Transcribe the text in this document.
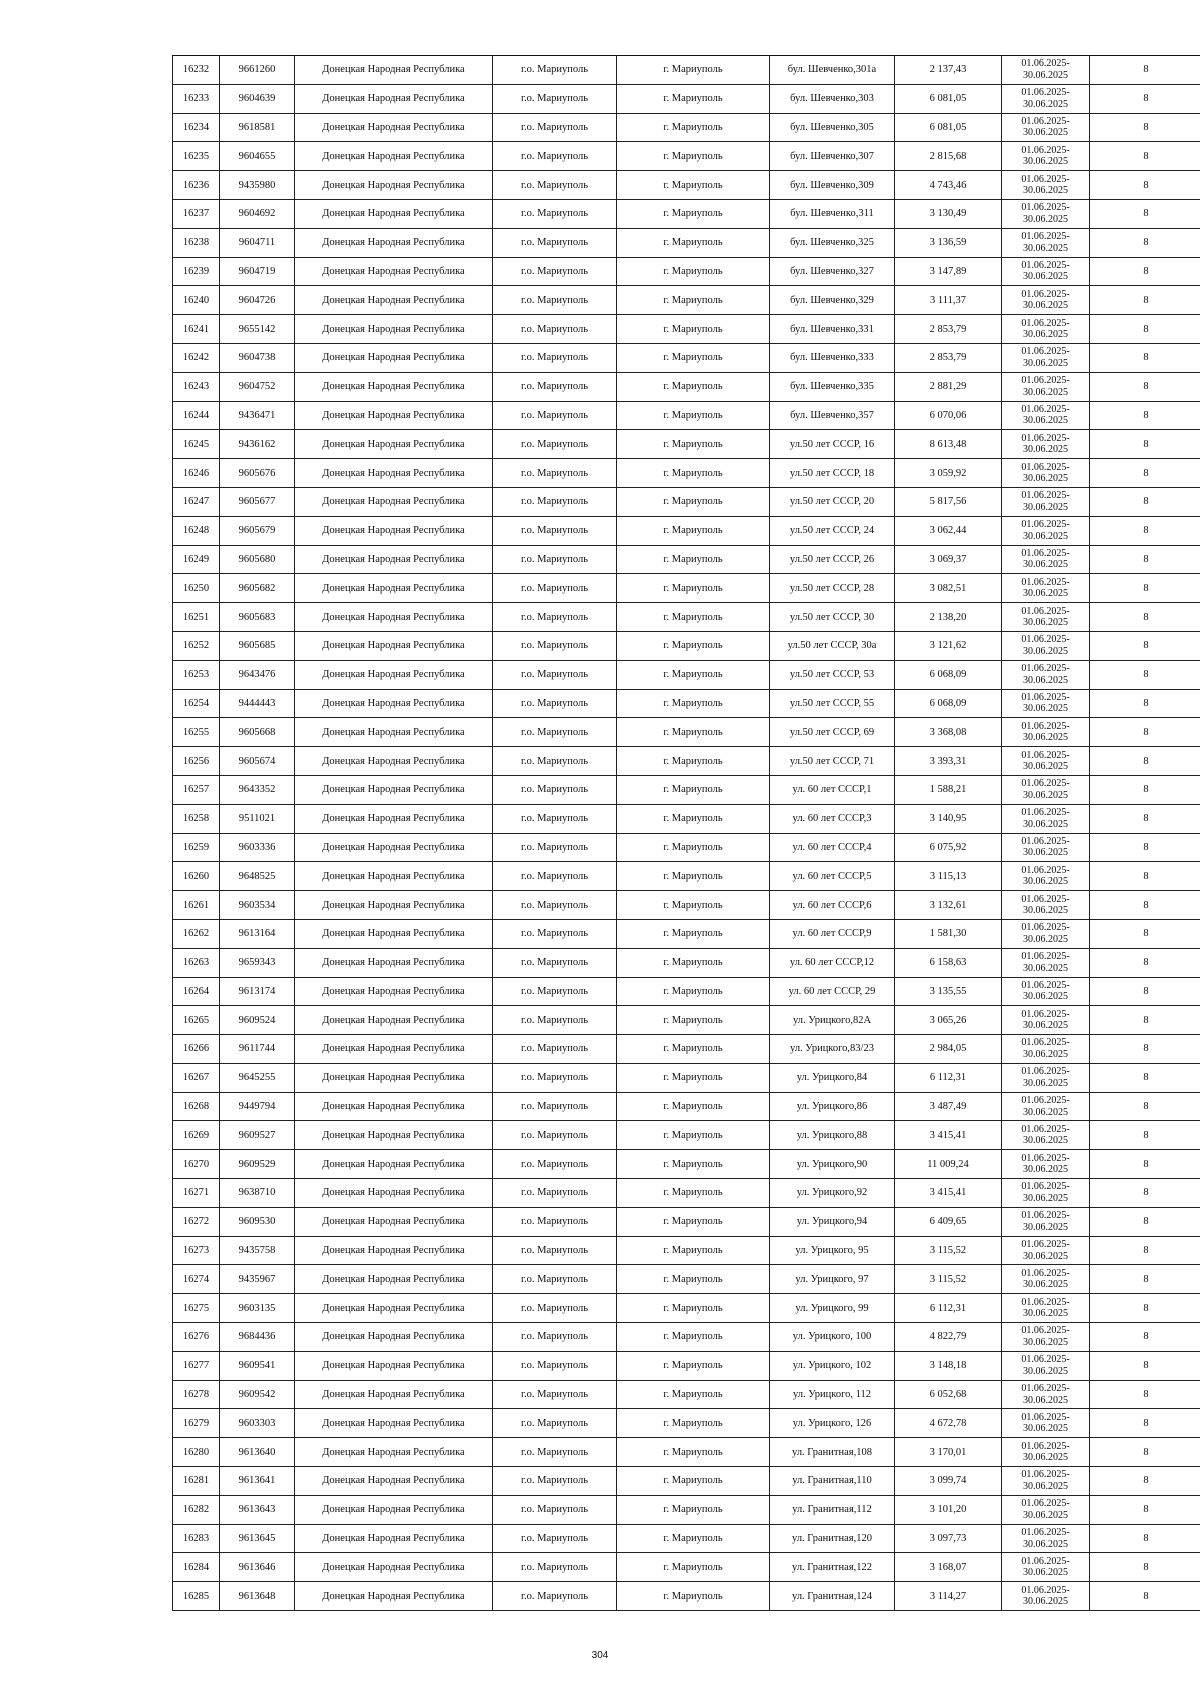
16232	9661260	Донецкая Народная Республика	г.о. Мариуполь	г. Мариуполь	бул. Шевченко,301а	2 137,43	01.06.2025-
30.06.2025	8
16233	9604639	Донецкая Народная Республика	г.о. Мариуполь	г. Мариуполь	бул. Шевченко,303	6 081,05	01.06.2025-
30.06.2025	8
16234	9618581	Донецкая Народная Республика	г.о. Мариуполь	г. Мариуполь	бул. Шевченко,305	6 081,05	01.06.2025-
30.06.2025	8
16235	9604655	Донецкая Народная Республика	г.о. Мариуполь	г. Мариуполь	бул. Шевченко,307	2 815,68	01.06.2025-
30.06.2025	8
16236	9435980	Донецкая Народная Республика	г.о. Мариуполь	г. Мариуполь	бул. Шевченко,309	4 743,46	01.06.2025-
30.06.2025	8
16237	9604692	Донецкая Народная Республика	г.о. Мариуполь	г. Мариуполь	бул. Шевченко,311	3 130,49	01.06.2025-
30.06.2025	8
16238	9604711	Донецкая Народная Республика	г.о. Мариуполь	г. Мариуполь	бул. Шевченко,325	3 136,59	01.06.2025-
30.06.2025	8
16239	9604719	Донецкая Народная Республика	г.о. Мариуполь	г. Мариуполь	бул. Шевченко,327	3 147,89	01.06.2025-
30.06.2025	8
16240	9604726	Донецкая Народная Республика	г.о. Мариуполь	г. Мариуполь	бул. Шевченко,329	3 111,37	01.06.2025-
30.06.2025	8
16241	9655142	Донецкая Народная Республика	г.о. Мариуполь	г. Мариуполь	бул. Шевченко,331	2 853,79	01.06.2025-
30.06.2025	8
16242	9604738	Донецкая Народная Республика	г.о. Мариуполь	г. Мариуполь	бул. Шевченко,333	2 853,79	01.06.2025-
30.06.2025	8
16243	9604752	Донецкая Народная Республика	г.о. Мариуполь	г. Мариуполь	бул. Шевченко,335	2 881,29	01.06.2025-
30.06.2025	8
16244	9436471	Донецкая Народная Республика	г.о. Мариуполь	г. Мариуполь	бул. Шевченко,357	6 070,06	01.06.2025-
30.06.2025	8
16245	9436162	Донецкая Народная Республика	г.о. Мариуполь	г. Мариуполь	ул.50 лет СССР, 16	8 613,48	01.06.2025-
30.06.2025	8
16246	9605676	Донецкая Народная Республика	г.о. Мариуполь	г. Мариуполь	ул.50 лет СССР, 18	3 059,92	01.06.2025-
30.06.2025	8
16247	9605677	Донецкая Народная Республика	г.о. Мариуполь	г. Мариуполь	ул.50 лет СССР, 20	5 817,56	01.06.2025-
30.06.2025	8
16248	9605679	Донецкая Народная Республика	г.о. Мариуполь	г. Мариуполь	ул.50 лет СССР, 24	3 062,44	01.06.2025-
30.06.2025	8
16249	9605680	Донецкая Народная Республика	г.о. Мариуполь	г. Мариуполь	ул.50 лет СССР, 26	3 069,37	01.06.2025-
30.06.2025	8
16250	9605682	Донецкая Народная Республика	г.о. Мариуполь	г. Мариуполь	ул.50 лет СССР, 28	3 082,51	01.06.2025-
30.06.2025	8
16251	9605683	Донецкая Народная Республика	г.о. Мариуполь	г. Мариуполь	ул.50 лет СССР, 30	2 138,20	01.06.2025-
30.06.2025	8
16252	9605685	Донецкая Народная Республика	г.о. Мариуполь	г. Мариуполь	ул.50 лет СССР, 30а	3 121,62	01.06.2025-
30.06.2025	8
16253	9643476	Донецкая Народная Республика	г.о. Мариуполь	г. Мариуполь	ул.50 лет СССР, 53	6 068,09	01.06.2025-
30.06.2025	8
16254	9444443	Донецкая Народная Республика	г.о. Мариуполь	г. Мариуполь	ул.50 лет СССР, 55	6 068,09	01.06.2025-
30.06.2025	8
16255	9605668	Донецкая Народная Республика	г.о. Мариуполь	г. Мариуполь	ул.50 лет СССР, 69	3 368,08	01.06.2025-
30.06.2025	8
16256	9605674	Донецкая Народная Республика	г.о. Мариуполь	г. Мариуполь	ул.50 лет СССР, 71	3 393,31	01.06.2025-
30.06.2025	8
16257	9643352	Донецкая Народная Республика	г.о. Мариуполь	г. Мариуполь	ул. 60 лет СССР,1	1 588,21	01.06.2025-
30.06.2025	8
16258	9511021	Донецкая Народная Республика	г.о. Мариуполь	г. Мариуполь	ул. 60 лет СССР,3	3 140,95	01.06.2025-
30.06.2025	8
16259	9603336	Донецкая Народная Республика	г.о. Мариуполь	г. Мариуполь	ул. 60 лет СССР,4	6 075,92	01.06.2025-
30.06.2025	8
16260	9648525	Донецкая Народная Республика	г.о. Мариуполь	г. Мариуполь	ул. 60 лет СССР,5	3 115,13	01.06.2025-
30.06.2025	8
16261	9603534	Донецкая Народная Республика	г.о. Мариуполь	г. Мариуполь	ул. 60 лет СССР,6	3 132,61	01.06.2025-
30.06.2025	8
16262	9613164	Донецкая Народная Республика	г.о. Мариуполь	г. Мариуполь	ул. 60 лет СССР,9	1 581,30	01.06.2025-
30.06.2025	8
16263	9659343	Донецкая Народная Республика	г.о. Мариуполь	г. Мариуполь	ул. 60 лет СССР,12	6 158,63	01.06.2025-
30.06.2025	8
16264	9613174	Донецкая Народная Республика	г.о. Мариуполь	г. Мариуполь	ул. 60 лет СССР, 29	3 135,55	01.06.2025-
30.06.2025	8
16265	9609524	Донецкая Народная Республика	г.о. Мариуполь	г. Мариуполь	ул. Урицкого,82А	3 065,26	01.06.2025-
30.06.2025	8
16266	9611744	Донецкая Народная Республика	г.о. Мариуполь	г. Мариуполь	ул. Урицкого,83/23	2 984,05	01.06.2025-
30.06.2025	8
16267	9645255	Донецкая Народная Республика	г.о. Мариуполь	г. Мариуполь	ул. Урицкого,84	6 112,31	01.06.2025-
30.06.2025	8
16268	9449794	Донецкая Народная Республика	г.о. Мариуполь	г. Мариуполь	ул. Урицкого,86	3 487,49	01.06.2025-
30.06.2025	8
16269	9609527	Донецкая Народная Республика	г.о. Мариуполь	г. Мариуполь	ул. Урицкого,88	3 415,41	01.06.2025-
30.06.2025	8
16270	9609529	Донецкая Народная Республика	г.о. Мариуполь	г. Мариуполь	ул. Урицкого,90	11 009,24	01.06.2025-
30.06.2025	8
16271	9638710	Донецкая Народная Республика	г.о. Мариуполь	г. Мариуполь	ул. Урицкого,92	3 415,41	01.06.2025-
30.06.2025	8
16272	9609530	Донецкая Народная Республика	г.о. Мариуполь	г. Мариуполь	ул. Урицкого,94	6 409,65	01.06.2025-
30.06.2025	8
16273	9435758	Донецкая Народная Республика	г.о. Мариуполь	г. Мариуполь	ул. Урицкого, 95	3 115,52	01.06.2025-
30.06.2025	8
16274	9435967	Донецкая Народная Республика	г.о. Мариуполь	г. Мариуполь	ул. Урицкого, 97	3 115,52	01.06.2025-
30.06.2025	8
16275	9603135	Донецкая Народная Республика	г.о. Мариуполь	г. Мариуполь	ул. Урицкого, 99	6 112,31	01.06.2025-
30.06.2025	8
16276	9684436	Донецкая Народная Республика	г.о. Мариуполь	г. Мариуполь	ул. Урицкого, 100	4 822,79	01.06.2025-
30.06.2025	8
16277	9609541	Донецкая Народная Республика	г.о. Мариуполь	г. Мариуполь	ул. Урицкого, 102	3 148,18	01.06.2025-
30.06.2025	8
16278	9609542	Донецкая Народная Республика	г.о. Мариуполь	г. Мариуполь	ул. Урицкого, 112	6 052,68	01.06.2025-
30.06.2025	8
16279	9603303	Донецкая Народная Республика	г.о. Мариуполь	г. Мариуполь	ул. Урицкого, 126	4 672,78	01.06.2025-
30.06.2025	8
16280	9613640	Донецкая Народная Республика	г.о. Мариуполь	г. Мариуполь	ул. Гранитная,108	3 170,01	01.06.2025-
30.06.2025	8
16281	9613641	Донецкая Народная Республика	г.о. Мариуполь	г. Мариуполь	ул. Гранитная,110	3 099,74	01.06.2025-
30.06.2025	8
16282	9613643	Донецкая Народная Республика	г.о. Мариуполь	г. Мариуполь	ул. Гранитная,112	3 101,20	01.06.2025-
30.06.2025	8
16283	9613645	Донецкая Народная Республика	г.о. Мариуполь	г. Мариуполь	ул. Гранитная,120	3 097,73	01.06.2025-
30.06.2025	8
16284	9613646	Донецкая Народная Республика	г.о. Мариуполь	г. Мариуполь	ул. Гранитная,122	3 168,07	01.06.2025-
30.06.2025	8
16285	9613648	Донецкая Народная Республика	г.о. Мариуполь	г. Мариуполь	ул. Гранитная,124	3 114,27	01.06.2025-
30.06.2025	8
304
